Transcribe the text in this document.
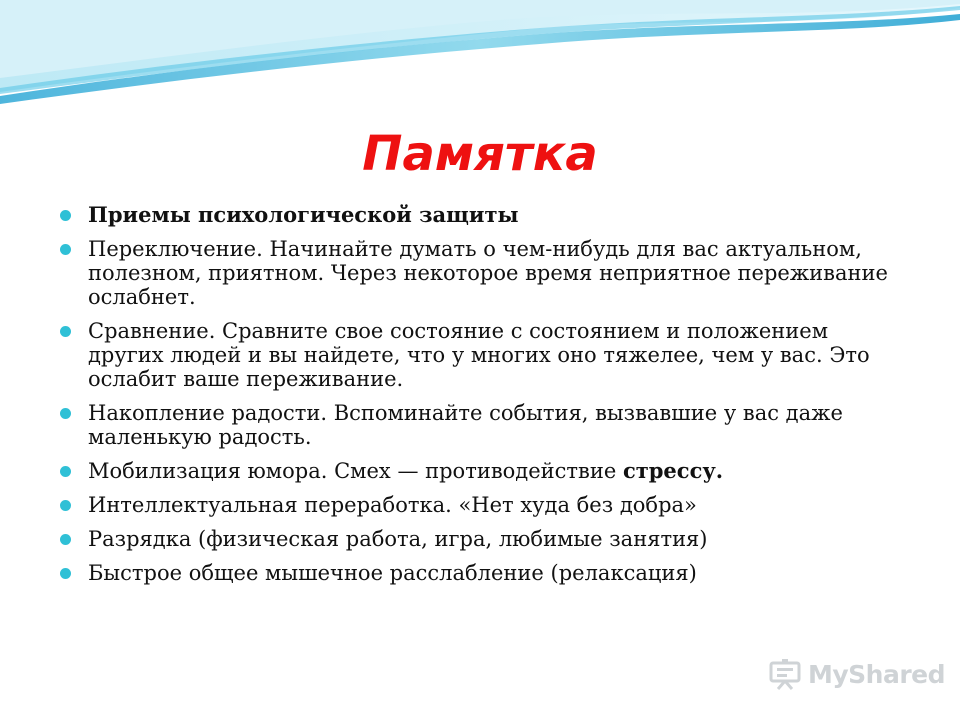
Памятка
Приемы психологической защиты
Переключение. Начинайте думать о чем-нибудь для вас актуальном, полезном, приятном. Через некоторое время неприятное переживание ослабнет.
Сравнение. Сравните свое состояние с состоянием и положением других людей и вы найдете, что у многих оно тяжелее, чем у вас. Это ослабит ваше переживание.
Накопление радости. Вспоминайте события, вызвавшие у вас даже маленькую радость.
Мобилизация юмора. Смех — противодействие стрессу.
Интеллектуальная переработка. «Нет худа без добра»
Разрядка (физическая работа, игра, любимые занятия)
Быстрое общее мышечное расслабление (релаксация)
MyShared
